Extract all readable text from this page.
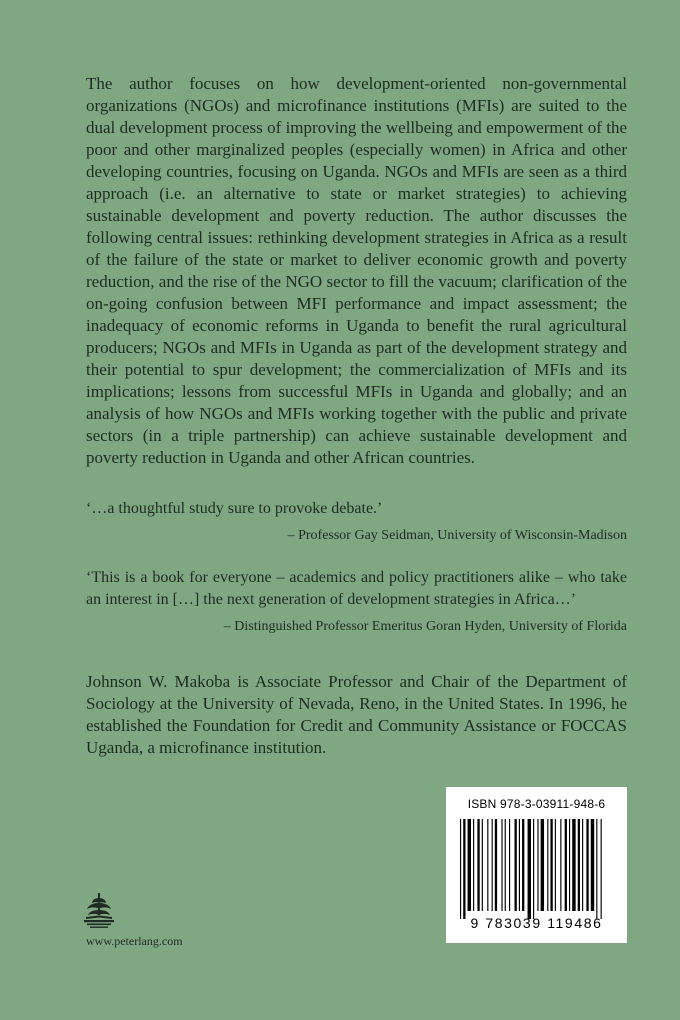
The author focuses on how development-oriented non-governmental organizations (NGOs) and microfinance institutions (MFIs) are suited to the dual development process of improving the wellbeing and empowerment of the poor and other marginalized peoples (especially women) in Africa and other developing countries, focusing on Uganda. NGOs and MFIs are seen as a third approach (i.e. an alternative to state or market strategies) to achieving sustainable development and poverty reduction. The author discusses the following central issues: rethinking development strategies in Africa as a result of the failure of the state or market to deliver economic growth and poverty reduction, and the rise of the NGO sector to fill the vacuum; clarification of the on-going confusion between MFI performance and impact assessment; the inadequacy of economic reforms in Uganda to benefit the rural agricultural producers; NGOs and MFIs in Uganda as part of the development strategy and their potential to spur development; the commercialization of MFIs and its implications; lessons from successful MFIs in Uganda and globally; and an analysis of how NGOs and MFIs working together with the public and private sectors (in a triple partnership) can achieve sustainable development and poverty reduction in Uganda and other African countries.

‘…a thoughtful study sure to provoke debate.’

– Professor Gay Seidman, University of Wisconsin-Madison

‘This is a book for everyone – academics and policy practitioners alike – who take an interest in […] the next generation of development strategies in Africa…’

– Distinguished Professor Emeritus Goran Hyden, University of Florida

Johnson W. Makoba is Associate Professor and Chair of the Department of Sociology at the University of Nevada, Reno, in the United States. In 1996, he established the Foundation for Credit and Community Assistance or FOCCAS Uganda, a microfinance institution.

www.peterlang.com

ISBN 978-3-03911-948-6

9 783039 119486
